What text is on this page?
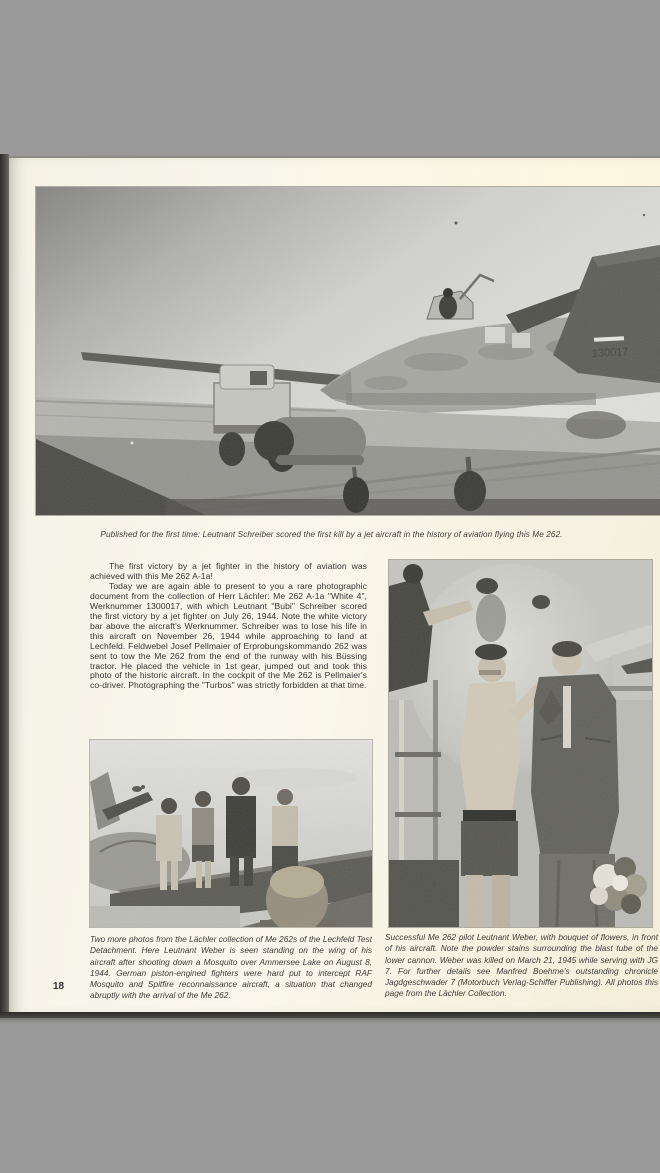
Published for the first time: Leutnant Schreiber scored the first kill by a jet aircraft in the history of aviation flying this Me 262.

The first victory by a jet fighter in the history of aviation was achieved with this Me 262 A-1a!

Today we are again able to present to you a rare photographic document from the collection of Herr Lächler: Me 262 A-1a "White 4", Werknummer 1300017, with which Leutnant "Bubi" Schreiber scored the first victory by a jet fighter on July 26, 1944. Note the white victory bar above the aircraft's Werknummer. Schreiber was to lose his life in this aircraft on November 26, 1944 while approaching to land at Lechfeld. Feldwebel Josef Pellmaier of Erprobungskommando 262 was sent to tow the Me 262 from the end of the runway with his Büssing tractor. He placed the vehicle in 1st gear, jumped out and took this photo of the historic aircraft. In the cockpit of the Me 262 is Pellmaier's co-driver. Photographing the "Turbos" was strictly forbidden at that time.

Two more photos from the Lächler collection of Me 262s of the Lechfeld Test Detachment. Here Leutnant Weber is seen standing on the wing of his aircraft after shooting down a Mosquito over Ammersee Lake on August 8, 1944. German piston-engined fighters were hard put to intercept RAF Mosquito and Spitfire reconnaissance aircraft, a situation that changed abruptly with the arrival of the Me 262.
Successful Me 262 pilot Leutnant Weber, with bouquet of flowers, in front of his aircraft. Note the powder stains surrounding the blast tube of the lower cannon. Weber was killed on March 21, 1945 while serving with JG 7. For further details see Manfred Boehme's outstanding chronicle Jagdgeschwader 7 (Motorbuch Verlag-Schiffer Publishing). All photos this page from the Lächler Collection.
18
